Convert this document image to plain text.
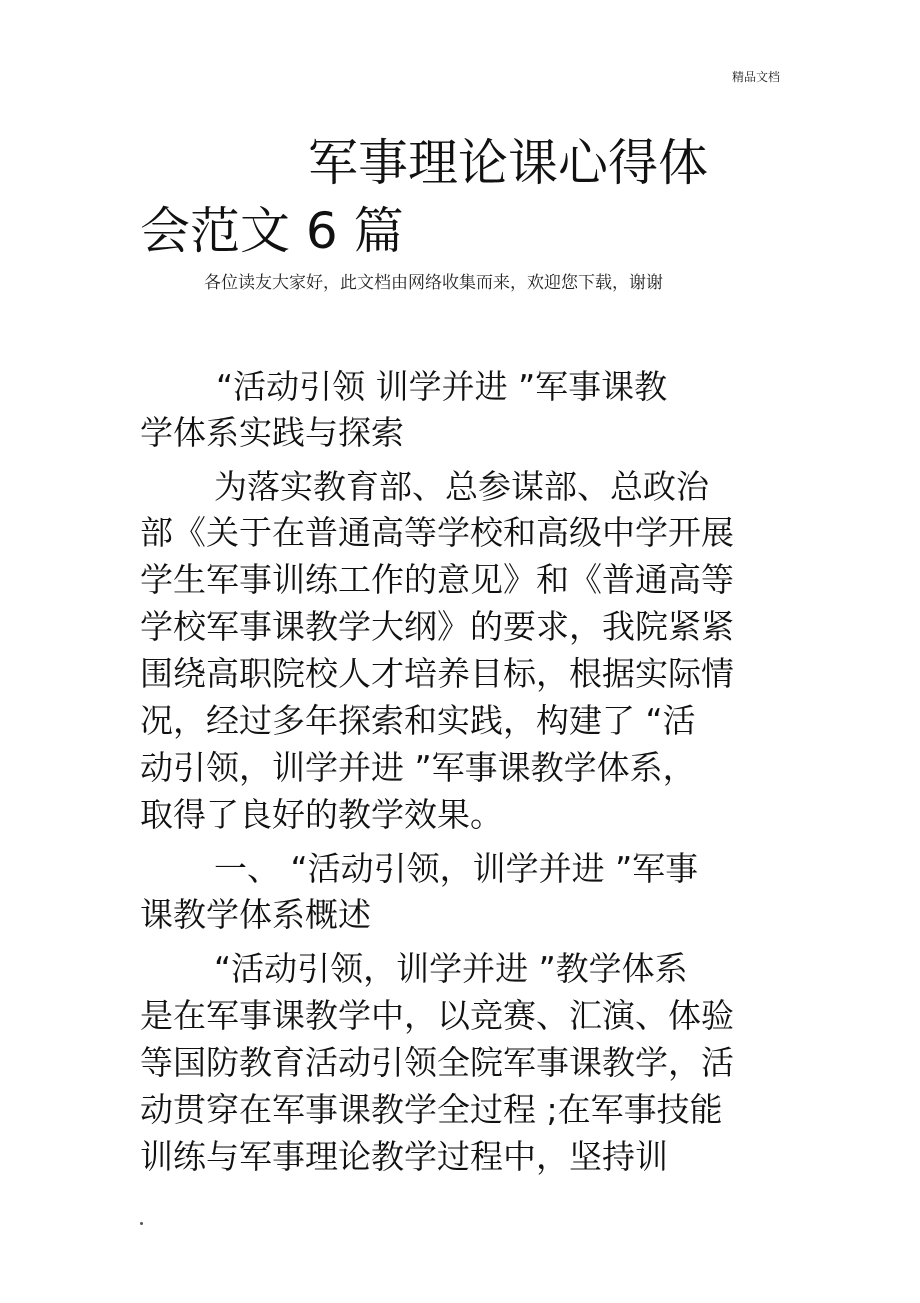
精品文档
军事理论课心得体
会范文 6 篇
各位读友大家好，此文档由网络收集而来，欢迎您下载，谢谢
“活动引领 训学并进 ”军事课教
学体系实践与探索
为落实教育部、总参谋部、总政治
部《关于在普通高等学校和高级中学开展
学生军事训练工作的意见》和《普通高等
学校军事课教学大纲》的要求，我院紧紧
围绕高职院校人才培养目标，根据实际情
况，经过多年探索和实践，构建了 “活
动引领，训学并进 ”军事课教学体系，
取得了良好的教学效果。
一、 “活动引领，训学并进 ”军事
课教学体系概述
“活动引领，训学并进 ”教学体系
是在军事课教学中，以竞赛、汇演、体验
等国防教育活动引领全院军事课教学，活
动贯穿在军事课教学全过程 ;在军事技能
训练与军事理论教学过程中，坚持训
